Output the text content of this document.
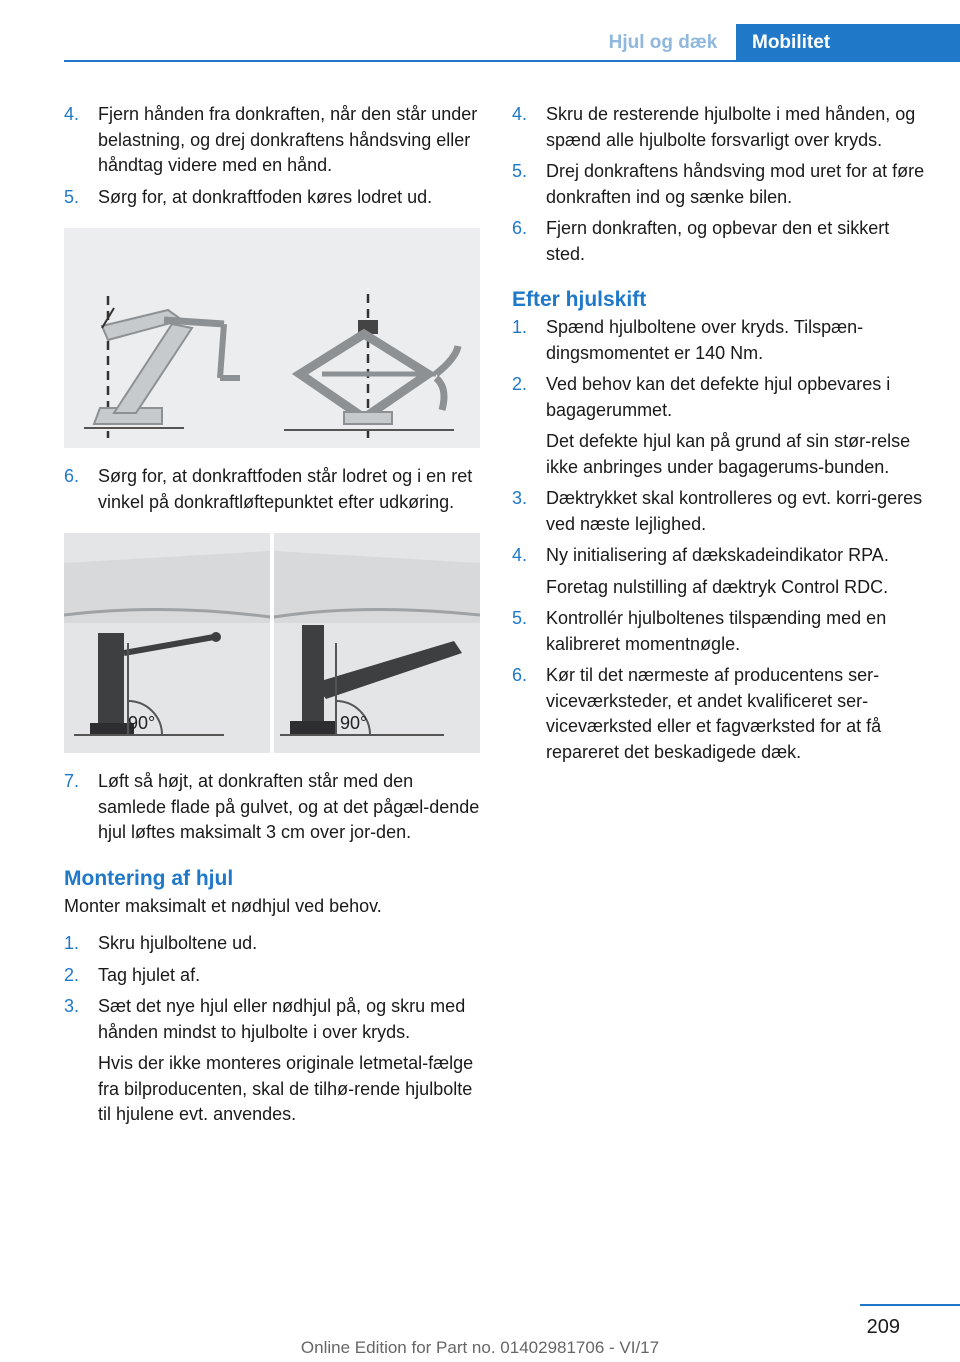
Hjul og dæk	Mobilitet
4.	Fjern hånden fra donkraften, når den står under belastning, og drej donkraftens håndsving eller håndtag videre med en hånd.
5.	Sørg for, at donkraftfoden køres lodret ud.
6.	Sørg for, at donkraftfoden står lodret og i en ret vinkel på donkraftløftepunktet efter udkøring.
90°	90°
7.	Løft så højt, at donkraften står med den samlede flade på gulvet, og at det pågæl-dende hjul løftes maksimalt 3 cm over jor-den.
Montering af hjul
Monter maksimalt et nødhjul ved behov.
1.	Skru hjulboltene ud.
2.	Tag hjulet af.
3.	Sæt det nye hjul eller nødhjul på, og skru med hånden mindst to hjulbolte i over kryds.
Hvis der ikke monteres originale letmetal-fælge fra bilproducenten, skal de tilhø-rende hjulbolte til hjulene evt. anvendes.
4.	Skru de resterende hjulbolte i med hånden, og spænd alle hjulbolte forsvarligt over kryds.
5.	Drej donkraftens håndsving mod uret for at føre donkraften ind og sænke bilen.
6.	Fjern donkraften, og opbevar den et sikkert sted.
Efter hjulskift
1.	Spænd hjulboltene over kryds. Tilspæn-dingsmomentet er 140 Nm.
2.	Ved behov kan det defekte hjul opbevares i bagagerummet.
Det defekte hjul kan på grund af sin stør-relse ikke anbringes under bagagerums-bunden.
3.	Dæktrykket skal kontrolleres og evt. korri-geres ved næste lejlighed.
4.	Ny initialisering af dækskadeindikator RPA.
Foretag nulstilling af dæktryk Control RDC.
5.	Kontrollér hjulboltenes tilspænding med en kalibreret momentnøgle.
6.	Kør til det nærmeste af producentens ser-viceværksteder, et andet kvalificeret ser-viceværksted eller et fagværksted for at få repareret det beskadigede dæk.
209
Online Edition for Part no. 01402981706 - VI/17
